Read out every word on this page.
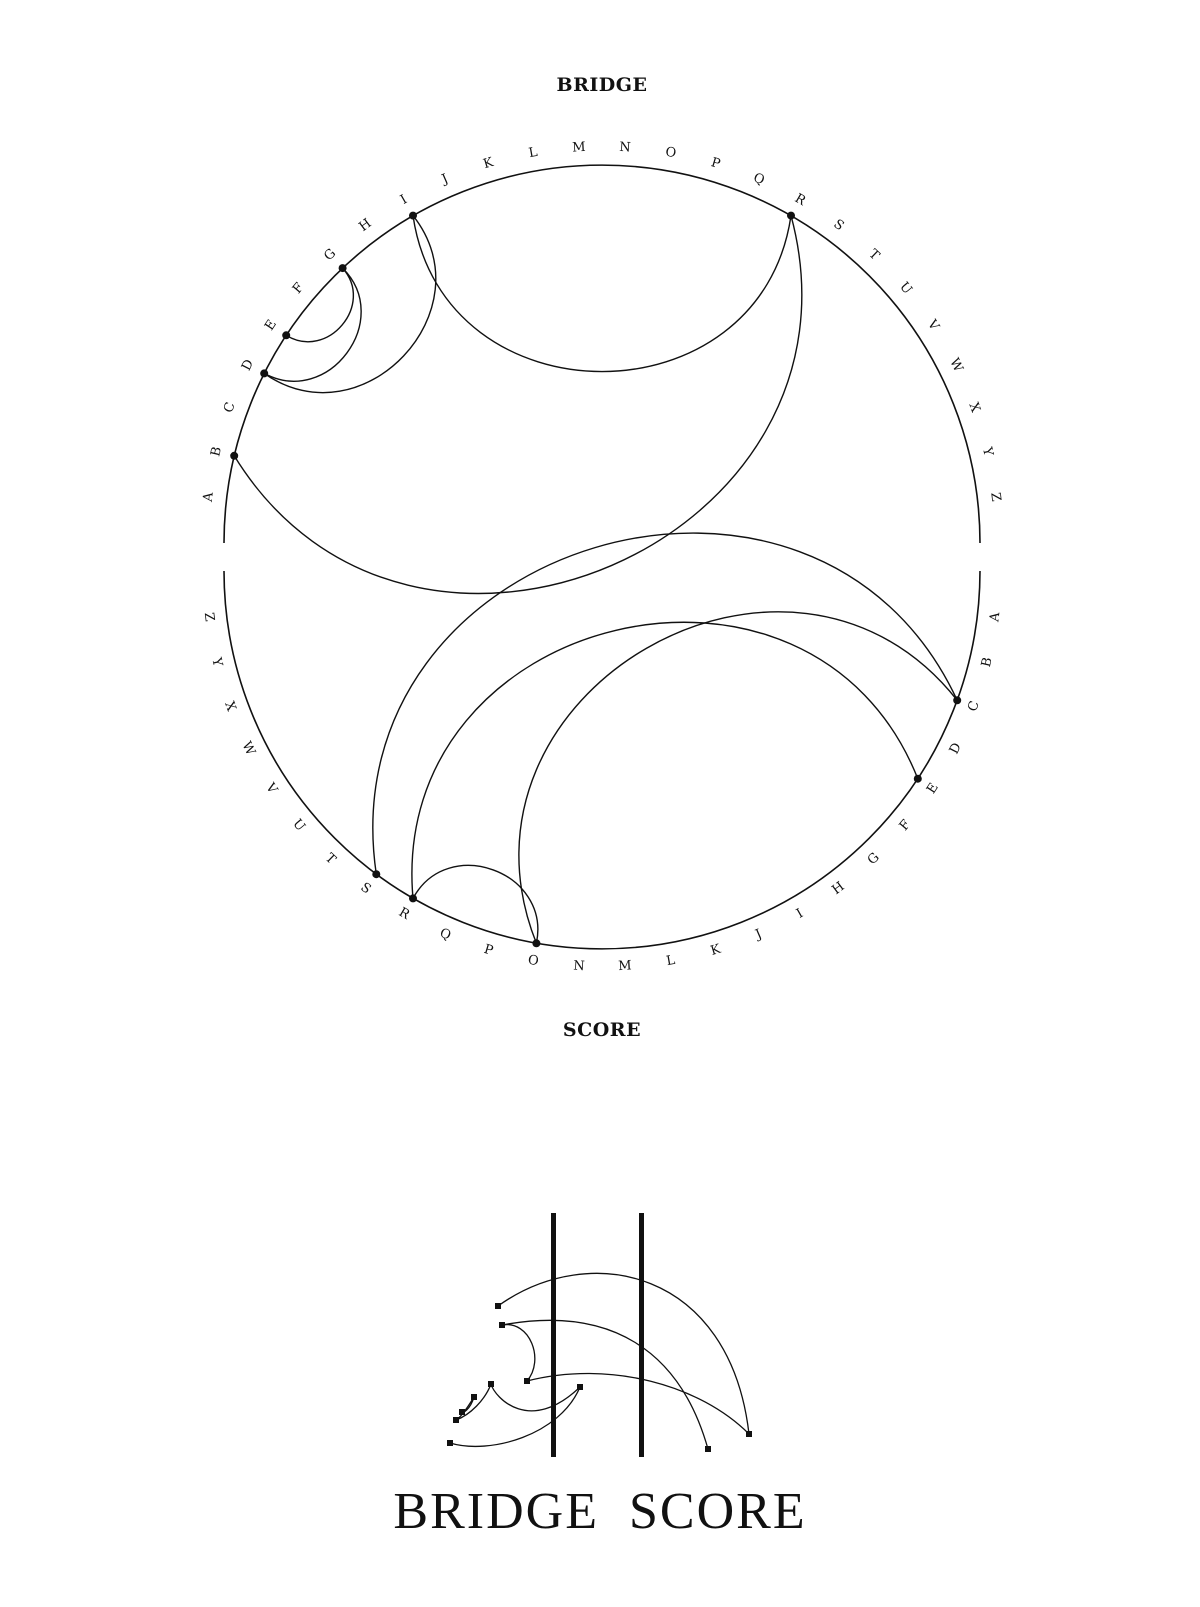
BRIDGE
SCORE
A
B
C
D
E
F
G
H
I
J
K
L	M	N	O
P
Q
R
S
T
U
V
W
X
Y
Z
A
B
C
D
E
F
G
H
I
J
K
L
M
N
O
P
Q
R
S
T
U
V
W
X
Y
Z
BRIDGE  SCORE
